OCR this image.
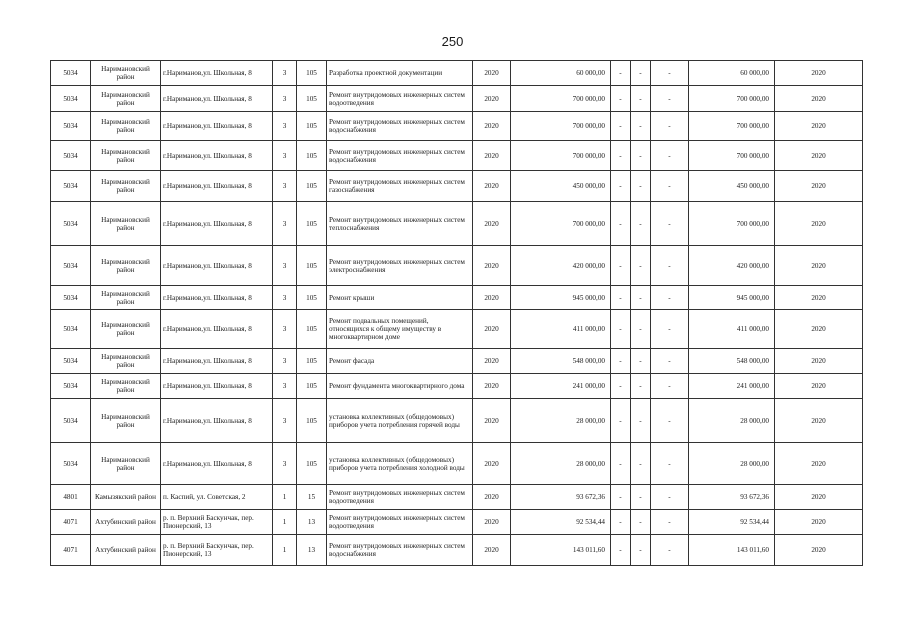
250
5034	Наримановский район	г.Нариманов,ул. Школьная, 8	3	105	Разработка проектной документации	2020	60 000,00	-	-	-	60 000,00	2020
5034	Наримановский район	г.Нариманов,ул. Школьная, 8	3	105	Ремонт внутридомовых инженерных систем водоотведения	2020	700 000,00	-	-	-	700 000,00	2020
5034	Наримановский район	г.Нариманов,ул. Школьная, 8	3	105	Ремонт внутридомовых инженерных систем водоснабжения	2020	700 000,00	-	-	-	700 000,00	2020
5034	Наримановский район	г.Нариманов,ул. Школьная, 8	3	105	Ремонт внутридомовых инженерных систем водоснабжения	2020	700 000,00	-	-	-	700 000,00	2020
5034	Наримановский район	г.Нариманов,ул. Школьная, 8	3	105	Ремонт внутридомовых инженерных систем газоснабжения	2020	450 000,00	-	-	-	450 000,00	2020
5034	Наримановский район	г.Нариманов,ул. Школьная, 8	3	105	Ремонт внутридомовых инженерных систем теплоснабжения	2020	700 000,00	-	-	-	700 000,00	2020
5034	Наримановский район	г.Нариманов,ул. Школьная, 8	3	105	Ремонт внутридомовых инженерных систем электроснабжения	2020	420 000,00	-	-	-	420 000,00	2020
5034	Наримановский район	г.Нариманов,ул. Школьная, 8	3	105	Ремонт крыши	2020	945 000,00	-	-	-	945 000,00	2020
5034	Наримановский район	г.Нариманов,ул. Школьная, 8	3	105	Ремонт подвальных помещений, относящихся к общему имуществу в многоквартирном доме	2020	411 000,00	-	-	-	411 000,00	2020
5034	Наримановский район	г.Нариманов,ул. Школьная, 8	3	105	Ремонт фасада	2020	548 000,00	-	-	-	548 000,00	2020
5034	Наримановский район	г.Нариманов,ул. Школьная, 8	3	105	Ремонт фундамента многоквартирного дома	2020	241 000,00	-	-	-	241 000,00	2020
5034	Наримановский район	г.Нариманов,ул. Школьная, 8	3	105	установка коллективных (общедомовых) приборов учета потребления горячей воды	2020	28 000,00	-	-	-	28 000,00	2020
5034	Наримановский район	г.Нариманов,ул. Школьная, 8	3	105	установка коллективных (общедомовых) приборов учета потребления холодной воды	2020	28 000,00	-	-	-	28 000,00	2020
4801	Камызякский район	п. Каспий, ул. Советская, 2	1	15	Ремонт внутридомовых инженерных систем водоотведения	2020	93 672,36	-	-	-	93 672,36	2020
4071	Ахтубинский район	р. п. Верхний Баскунчак, пер. Пионерский, 13	1	13	Ремонт внутридомовых инженерных систем водоотведения	2020	92 534,44	-	-	-	92 534,44	2020
4071	Ахтубинский район	р. п. Верхний Баскунчак, пер. Пионерский, 13	1	13	Ремонт внутридомовых инженерных систем водоснабжения	2020	143 011,60	-	-	-	143 011,60	2020
